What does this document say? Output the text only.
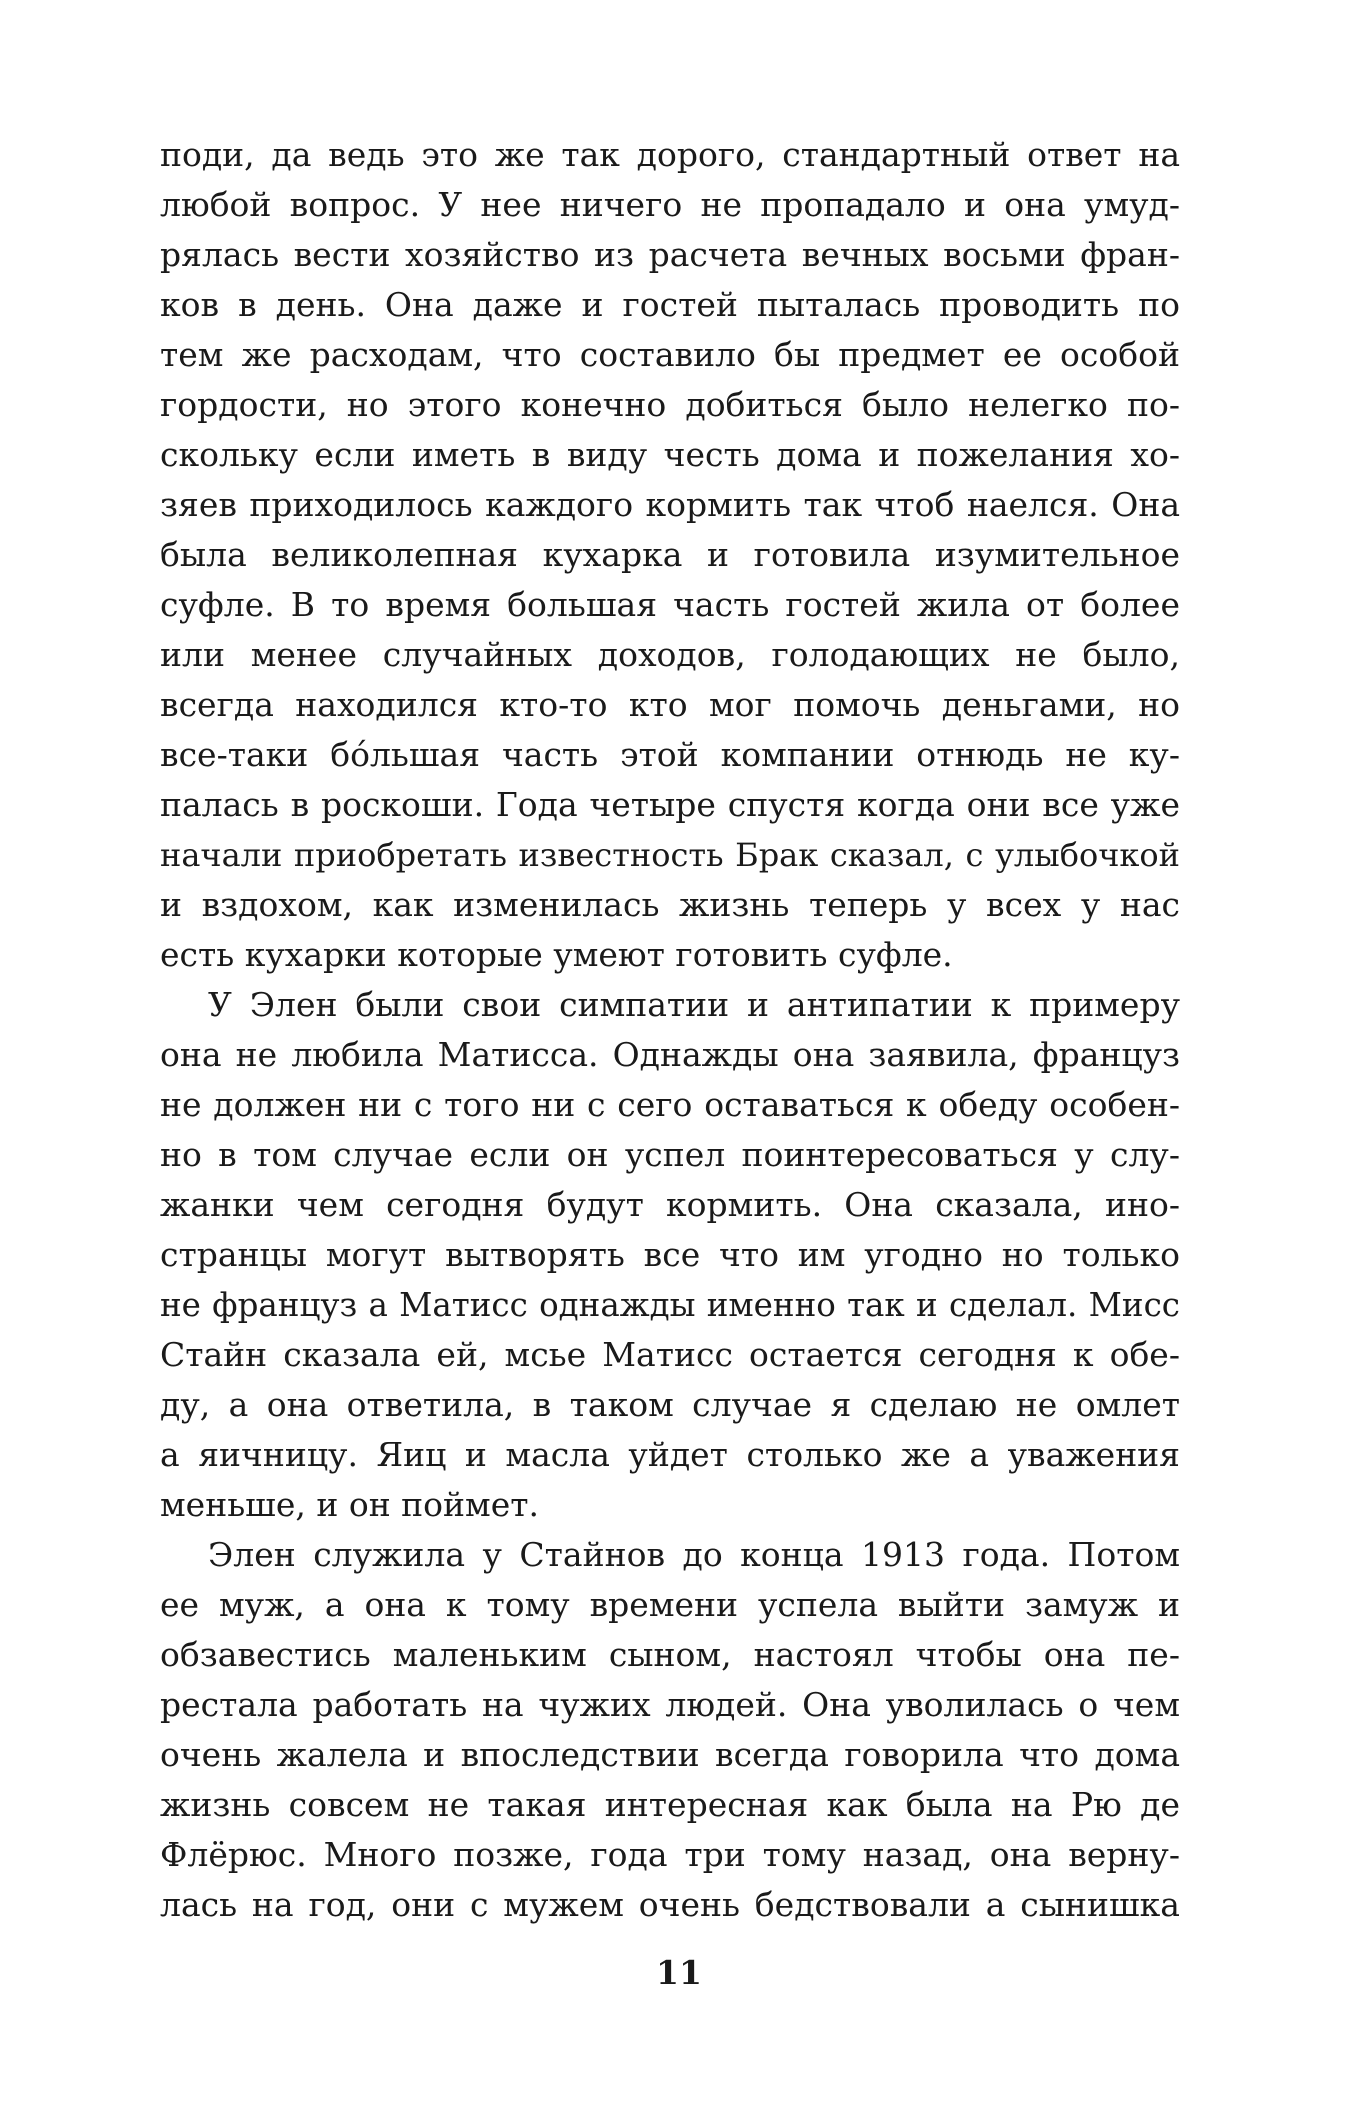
поди, да ведь это же так дорого, стандартный ответ на
любой вопрос. У нее ничего не пропадало и она умуд-
рялась вести хозяйство из расчета вечных восьми фран-
ков в день. Она даже и гостей пыталась проводить по
тем же расходам, что составило бы предмет ее особой
гордости, но этого конечно добиться было нелегко по-
скольку если иметь в виду честь дома и пожелания хо-
зяев приходилось каждого кормить так чтоб наелся. Она
была великолепная кухарка и готовила изумительное
суфле. В то время большая часть гостей жила от более
или менее случайных доходов, голодающих не было,
всегда находился кто-то кто мог помочь деньгами, но
все-таки бóльшая часть этой компании отнюдь не ку-
палась в роскоши. Года четыре спустя когда они все уже
начали приобретать известность Брак сказал, с улыбочкой
и вздохом, как изменилась жизнь теперь у всех у нас
есть кухарки которые умеют готовить суфле.
У Элен были свои симпатии и антипатии к примеру
она не любила Матисса. Однажды она заявила, француз
не должен ни с того ни с сего оставаться к обеду особен-
но в том случае если он успел поинтересоваться у слу-
жанки чем сегодня будут кормить. Она сказала, ино-
странцы могут вытворять все что им угодно но только
не француз а Матисс однажды именно так и сделал. Мисс
Стайн сказала ей, мсье Матисс остается сегодня к обе-
ду, а она ответила, в таком случае я сделаю не омлет
а яичницу. Яиц и масла уйдет столько же а уважения
меньше, и он поймет.
Элен служила у Стайнов до конца 1913 года. Потом
ее муж, а она к тому времени успела выйти замуж и
обзавестись маленьким сыном, настоял чтобы она пе-
рестала работать на чужих людей. Она уволилась о чем
очень жалела и впоследствии всегда говорила что дома
жизнь совсем не такая интересная как была на Рю де
Флёрюс. Много позже, года три тому назад, она верну-
лась на год, они с мужем очень бедствовали а сынишка
11
